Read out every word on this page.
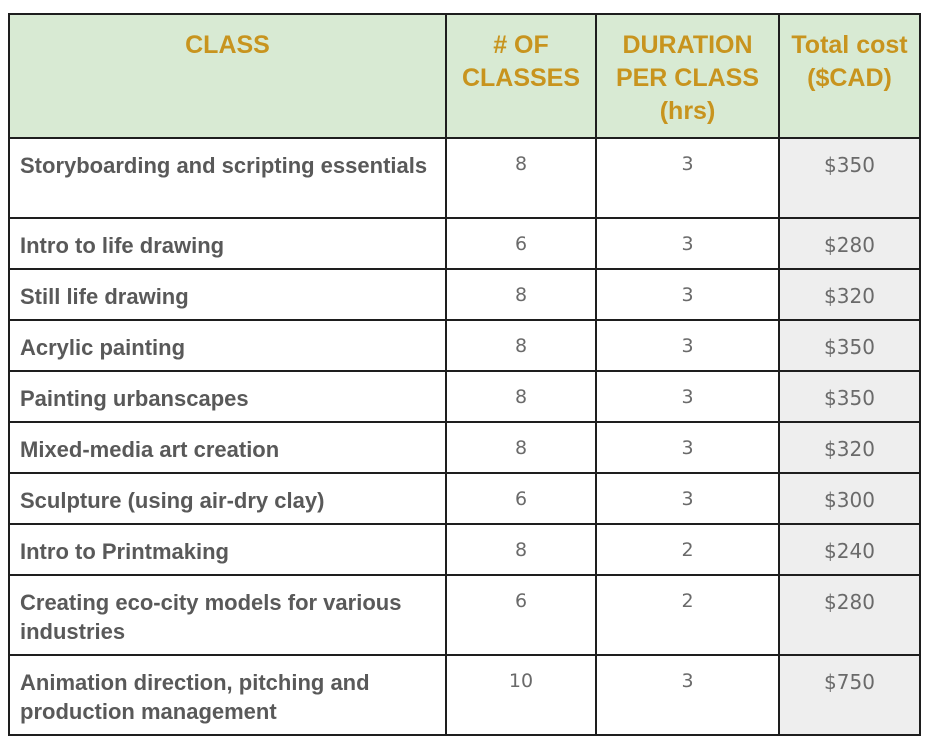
CLASS	# OF CLASSES	DURATION PER CLASS (hrs)	Total cost ($CAD)
Storyboarding and scripting essentials	8	3	$350
Intro to life drawing	6	3	$280
Still life drawing	8	3	$320
Acrylic painting	8	3	$350
Painting urbanscapes	8	3	$350
Mixed-media art creation	8	3	$320
Sculpture (using air-dry clay)	6	3	$300
Intro to Printmaking	8	2	$240
Creating eco-city models for various industries	6	2	$280
Animation direction, pitching and production management	10	3	$750
